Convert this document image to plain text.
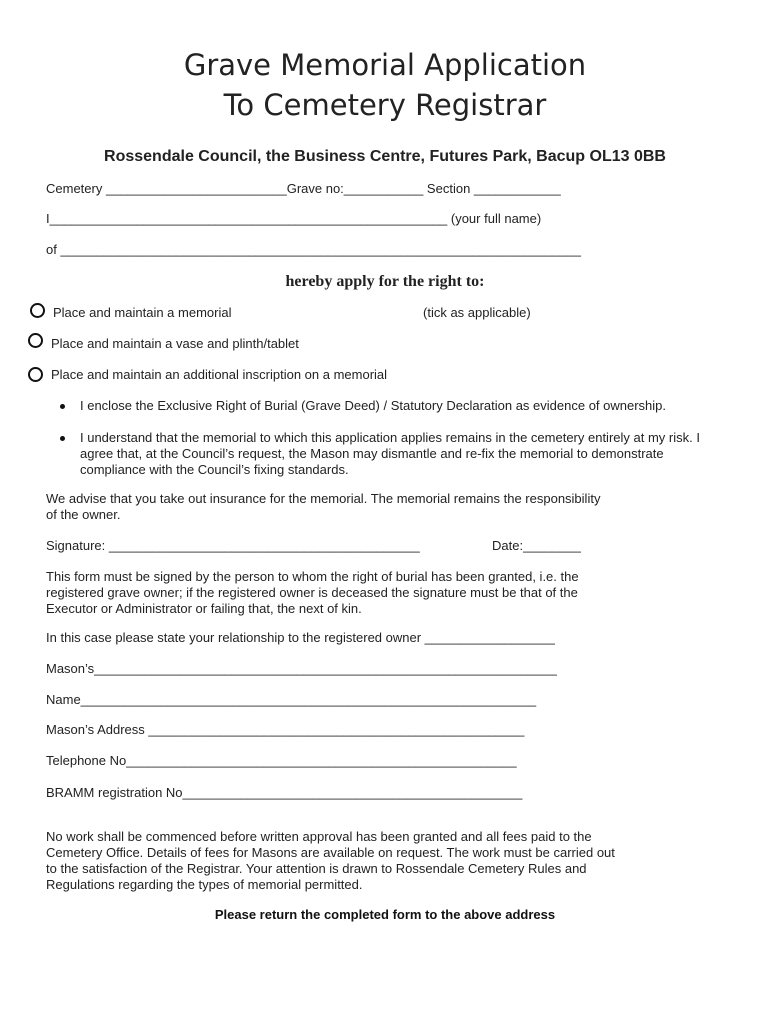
Grave Memorial Application
To Cemetery Registrar
Rossendale Council, the Business Centre, Futures Park, Bacup OL13 0BB
Cemetery _________________________Grave no:___________ Section ____________
I_______________________________________________________ (your full name)
of ________________________________________________________________________
hereby apply for the right to:
Place and maintain a memorial	(tick as applicable)
Place and maintain a vase and plinth/tablet
Place and maintain an additional inscription on a memorial
I enclose the Exclusive Right of Burial (Grave Deed) / Statutory Declaration as evidence of ownership.
I understand that the memorial to which this application applies remains in the cemetery entirely at my risk. I agree that, at the Council’s request, the Mason may dismantle and re-fix the memorial to demonstrate compliance with the Council’s fixing standards.
We advise that you take out insurance for the memorial. The memorial remains the responsibility of the owner.
Signature: ___________________________________________	Date:________
This form must be signed by the person to whom the right of burial has been granted, i.e. the registered grave owner; if the registered owner is deceased the signature must be that of the Executor or Administrator or failing that, the next of kin.
In this case please state your relationship to the registered owner __________________
Mason’s________________________________________________________________
Name_______________________________________________________________
Mason’s Address ____________________________________________________
Telephone No______________________________________________________
BRAMM registration No_______________________________________________
No work shall be commenced before written approval has been granted and all fees paid to the Cemetery Office. Details of fees for Masons are available on request. The work must be carried out to the satisfaction of the Registrar. Your attention is drawn to Rossendale Cemetery Rules and Regulations regarding the types of memorial permitted.
Please return the completed form to the above address
